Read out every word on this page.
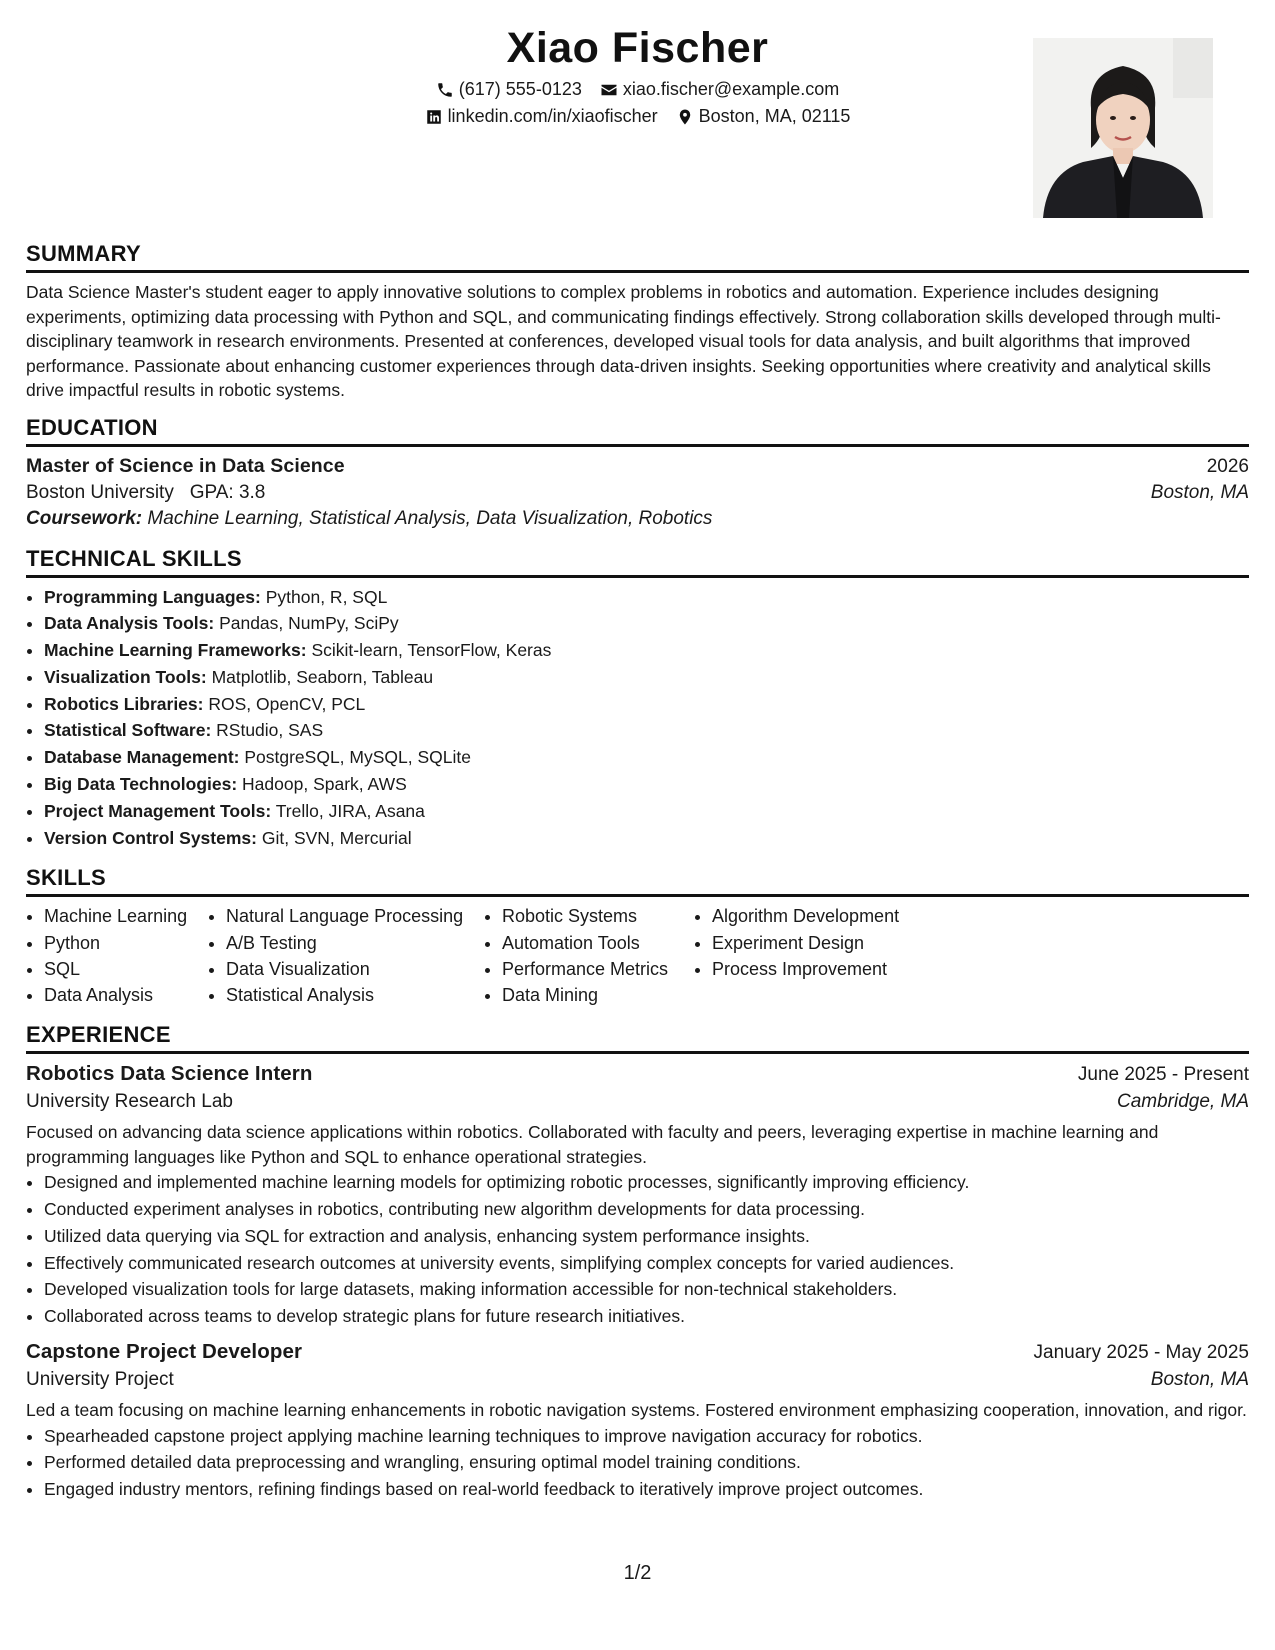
Xiao Fischer
(617) 555-0123 xiao.fischer@example.com
linkedin.com/in/xiaofischer Boston, MA, 02115
SUMMARY

Data Science Master's student eager to apply innovative solutions to complex problems in robotics and automation. Experience includes designing experiments, optimizing data processing with Python and SQL, and communicating findings effectively. Strong collaboration skills developed through multi-disciplinary teamwork in research environments. Presented at conferences, developed visual tools for data analysis, and built algorithms that improved performance. Passionate about enhancing customer experiences through data-driven insights. Seeking opportunities where creativity and analytical skills drive impactful results in robotic systems.

EDUCATION
Master of Science in Data Science	2026
Boston University GPA: 3.8	Boston, MA
Coursework: Machine Learning, Statistical Analysis, Data Visualization, Robotics
TECHNICAL SKILLS
• Programming Languages: Python, R, SQL
• Data Analysis Tools: Pandas, NumPy, SciPy
• Machine Learning Frameworks: Scikit-learn, TensorFlow, Keras
• Visualization Tools: Matplotlib, Seaborn, Tableau
• Robotics Libraries: ROS, OpenCV, PCL
• Statistical Software: RStudio, SAS
• Database Management: PostgreSQL, MySQL, SQLite
• Big Data Technologies: Hadoop, Spark, AWS
• Project Management Tools: Trello, JIRA, Asana
• Version Control Systems: Git, SVN, Mercurial
SKILLS
• Machine Learning
• Python
• SQL
• Data Analysis
• Natural Language Processing
• A/B Testing
• Data Visualization
• Statistical Analysis
• Robotic Systems
• Automation Tools
• Performance Metrics
• Data Mining
• Algorithm Development
• Experiment Design
• Process Improvement
EXPERIENCE
Robotics Data Science Intern	June 2025 - Present
University Research Lab	Cambridge, MA

Focused on advancing data science applications within robotics. Collaborated with faculty and peers, leveraging expertise in machine learning and programming languages like Python and SQL to enhance operational strategies.

• Designed and implemented machine learning models for optimizing robotic processes, significantly improving efficiency.
• Conducted experiment analyses in robotics, contributing new algorithm developments for data processing.
• Utilized data querying via SQL for extraction and analysis, enhancing system performance insights.
• Effectively communicated research outcomes at university events, simplifying complex concepts for varied audiences.
• Developed visualization tools for large datasets, making information accessible for non-technical stakeholders.
• Collaborated across teams to develop strategic plans for future research initiatives.
Capstone Project Developer	January 2025 - May 2025
University Project	Boston, MA

Led a team focusing on machine learning enhancements in robotic navigation systems. Fostered environment emphasizing cooperation, innovation, and rigor.

• Spearheaded capstone project applying machine learning techniques to improve navigation accuracy for robotics.
• Performed detailed data preprocessing and wrangling, ensuring optimal model training conditions.
• Engaged industry mentors, refining findings based on real-world feedback to iteratively improve project outcomes.
1/2
